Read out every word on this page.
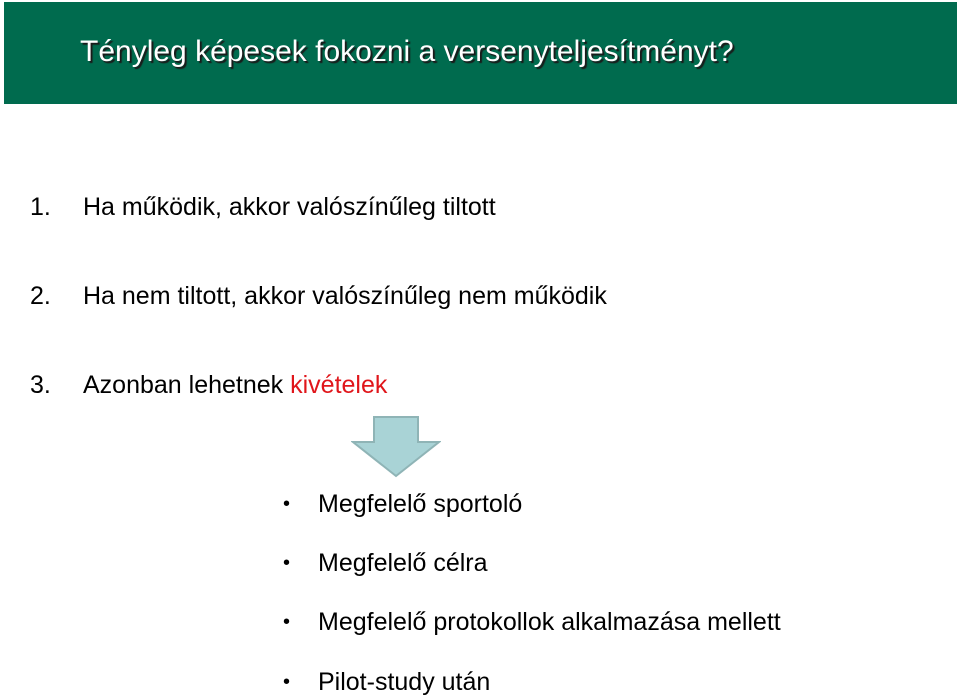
Tényleg képesek fokozni a versenyteljesítményt?
1. Ha működik, akkor valószínűleg tiltott
2. Ha nem tiltott, akkor valószínűleg nem működik
3. Azonban lehetnek kivételek
• Megfelelő sportoló
• Megfelelő célra
• Megfelelő protokollok alkalmazása mellett
• Pilot-study után
